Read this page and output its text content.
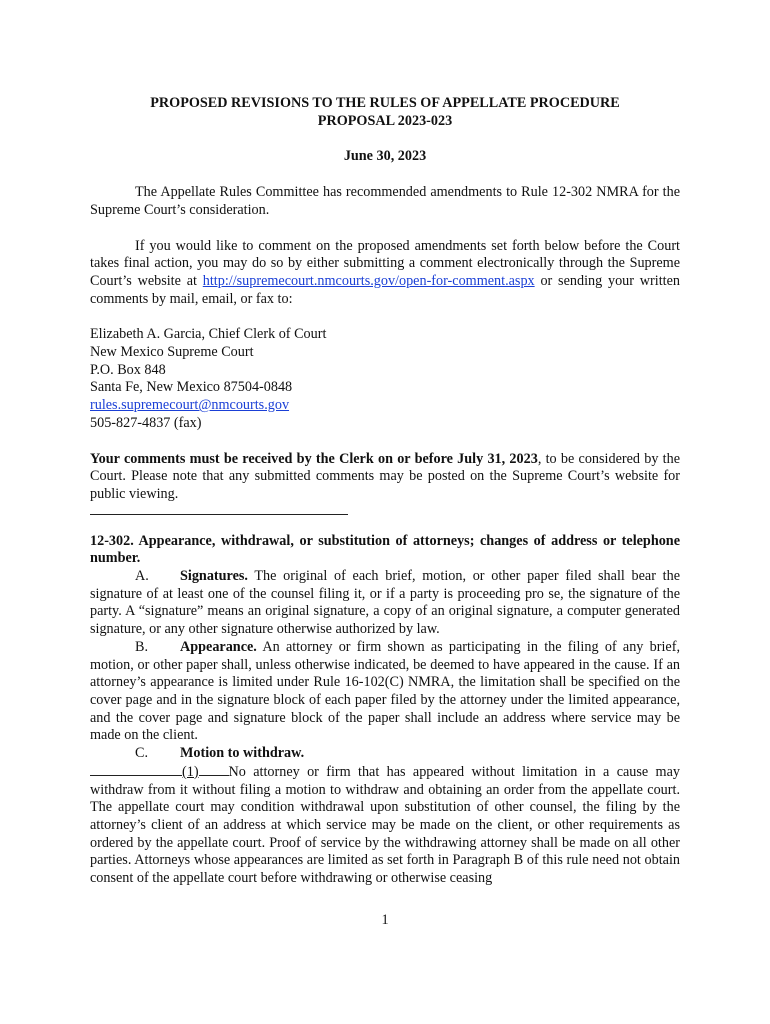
PROPOSED REVISIONS TO THE RULES OF APPELLATE PROCEDURE

PROPOSAL 2023-023

June 30, 2023

The Appellate Rules Committee has recommended amendments to Rule 12-302 NMRA for the Supreme Court’s consideration.

If you would like to comment on the proposed amendments set forth below before the Court takes final action, you may do so by either submitting a comment electronically through the Supreme Court’s website at http://supremecourt.nmcourts.gov/open-for-comment.aspx or sending your written comments by mail, email, or fax to:

Elizabeth A. Garcia, Chief Clerk of Court

New Mexico Supreme Court

P.O. Box 848

Santa Fe, New Mexico 87504-0848

rules.supremecourt@nmcourts.gov

505-827-4837 (fax)

Your comments must be received by the Clerk on or before July 31, 2023, to be considered by the Court. Please note that any submitted comments may be posted on the Supreme Court’s website for public viewing.

12-302. Appearance, withdrawal, or substitution of attorneys; changes of address or telephone number.

A. Signatures. The original of each brief, motion, or other paper filed shall bear the signature of at least one of the counsel filing it, or if a party is proceeding pro se, the signature of the party. A “signature” means an original signature, a copy of an original signature, a computer generated signature, or any other signature otherwise authorized by law.

B. Appearance. An attorney or firm shown as participating in the filing of any brief, motion, or other paper shall, unless otherwise indicated, be deemed to have appeared in the cause. If an attorney’s appearance is limited under Rule 16-102(C) NMRA, the limitation shall be specified on the cover page and in the signature block of each paper filed by the attorney under the limited appearance, and the cover page and signature block of the paper shall include an address where service may be made on the client.

C. Motion to withdraw.

(1) No attorney or firm that has appeared without limitation in a cause may withdraw from it without filing a motion to withdraw and obtaining an order from the appellate court. The appellate court may condition withdrawal upon substitution of other counsel, the filing by the attorney’s client of an address at which service may be made on the client, or other requirements as ordered by the appellate court. Proof of service by the withdrawing attorney shall be made on all other parties. Attorneys whose appearances are limited as set forth in Paragraph B of this rule need not obtain consent of the appellate court before withdrawing or otherwise ceasing

1
